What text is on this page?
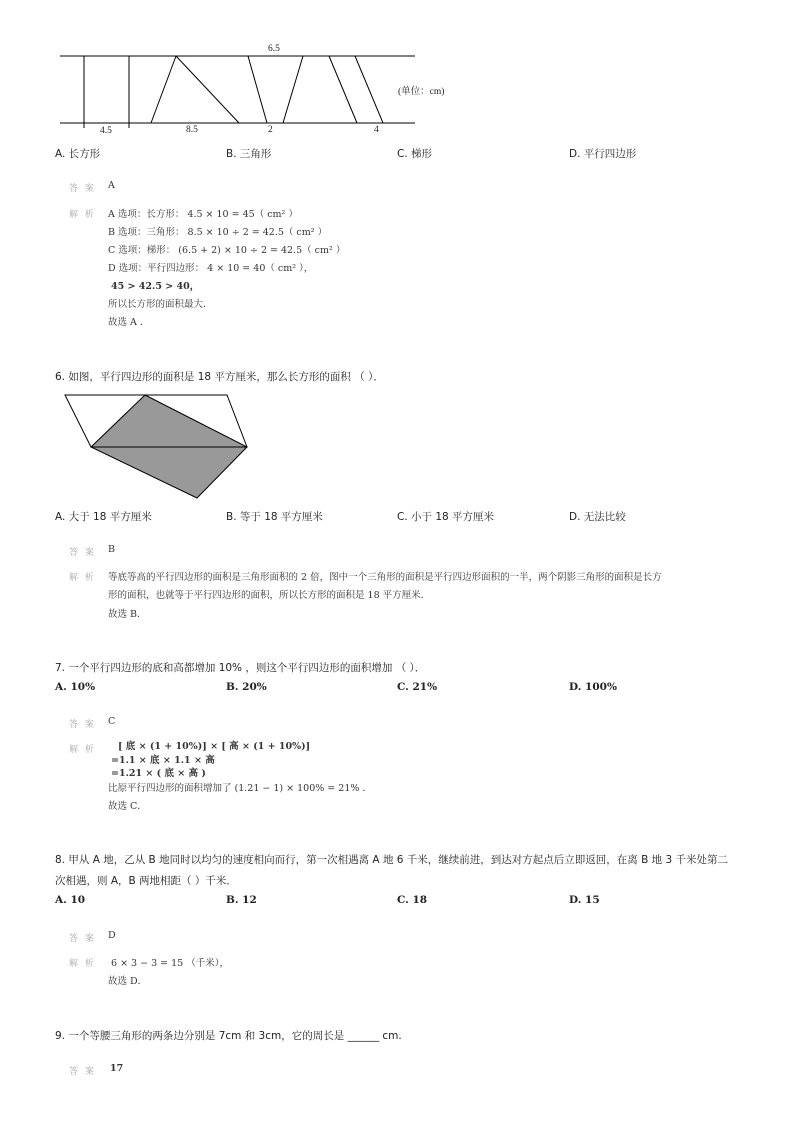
6.5
(单位：cm)
4.5	8.5	2	4
A. 长方形	B. 三角形	C. 梯形	D. 平行四边形
答 案 A
解 析 A 选项：长方形： 4.5 × 10 = 45（ cm² ）
B 选项：三角形： 8.5 × 10 ÷ 2 = 42.5（ cm² ）
C 选项：梯形： (6.5 + 2) × 10 ÷ 2 = 42.5（ cm² ）
D 选项：平行四边形： 4 × 10 = 40（ cm² ），
45 > 42.5 > 40，
所以长方形的面积最大．
故选 A ．
6. 如图，平行四边形的面积是 18 平方厘米，那么长方形的面积 （ ）．
A. 大于 18 平方厘米	B. 等于 18 平方厘米	C. 小于 18 平方厘米	D. 无法比较
答 案 B
解 析 等底等高的平行四边形的面积是三角形面积的 2 倍，图中一个三角形的面积是平行四边形面积的一半，两个阴影三角形的面积是长方
形的面积，也就等于平行四边形的面积，所以长方形的面积是 18 平方厘米．
故选 B．
7. 一个平行四边形的底和高都增加 10% ，则这个平行四边形的面积增加 （ ）．
A. 10%	B. 20%	C. 21%	D. 100%
答 案 C
解 析 [ 底 × (1 + 10%)] × [ 高 × (1 + 10%)]
=1.1 × 底 × 1.1 × 高
=1.21 × ( 底 × 高 )
比原平行四边形的面积增加了 (1.21 − 1) × 100% = 21% ．
故选 C．
8. 甲从 A 地，乙从 B 地同时以均匀的速度相向而行，第一次相遇离 A 地 6 千米，继续前进，到达对方起点后立即返回，在离 B 地 3 千米处第二
次相遇，则 A，B 两地相距（ ）千米．
A. 10	B. 12	C. 18	D. 15
答 案 D
解 析 6 × 3 − 3 = 15 （千米），
故选 D．
9. 一个等腰三角形的两条边分别是 7cm 和 3cm，它的周长是 ______ cm.
答 案 17
